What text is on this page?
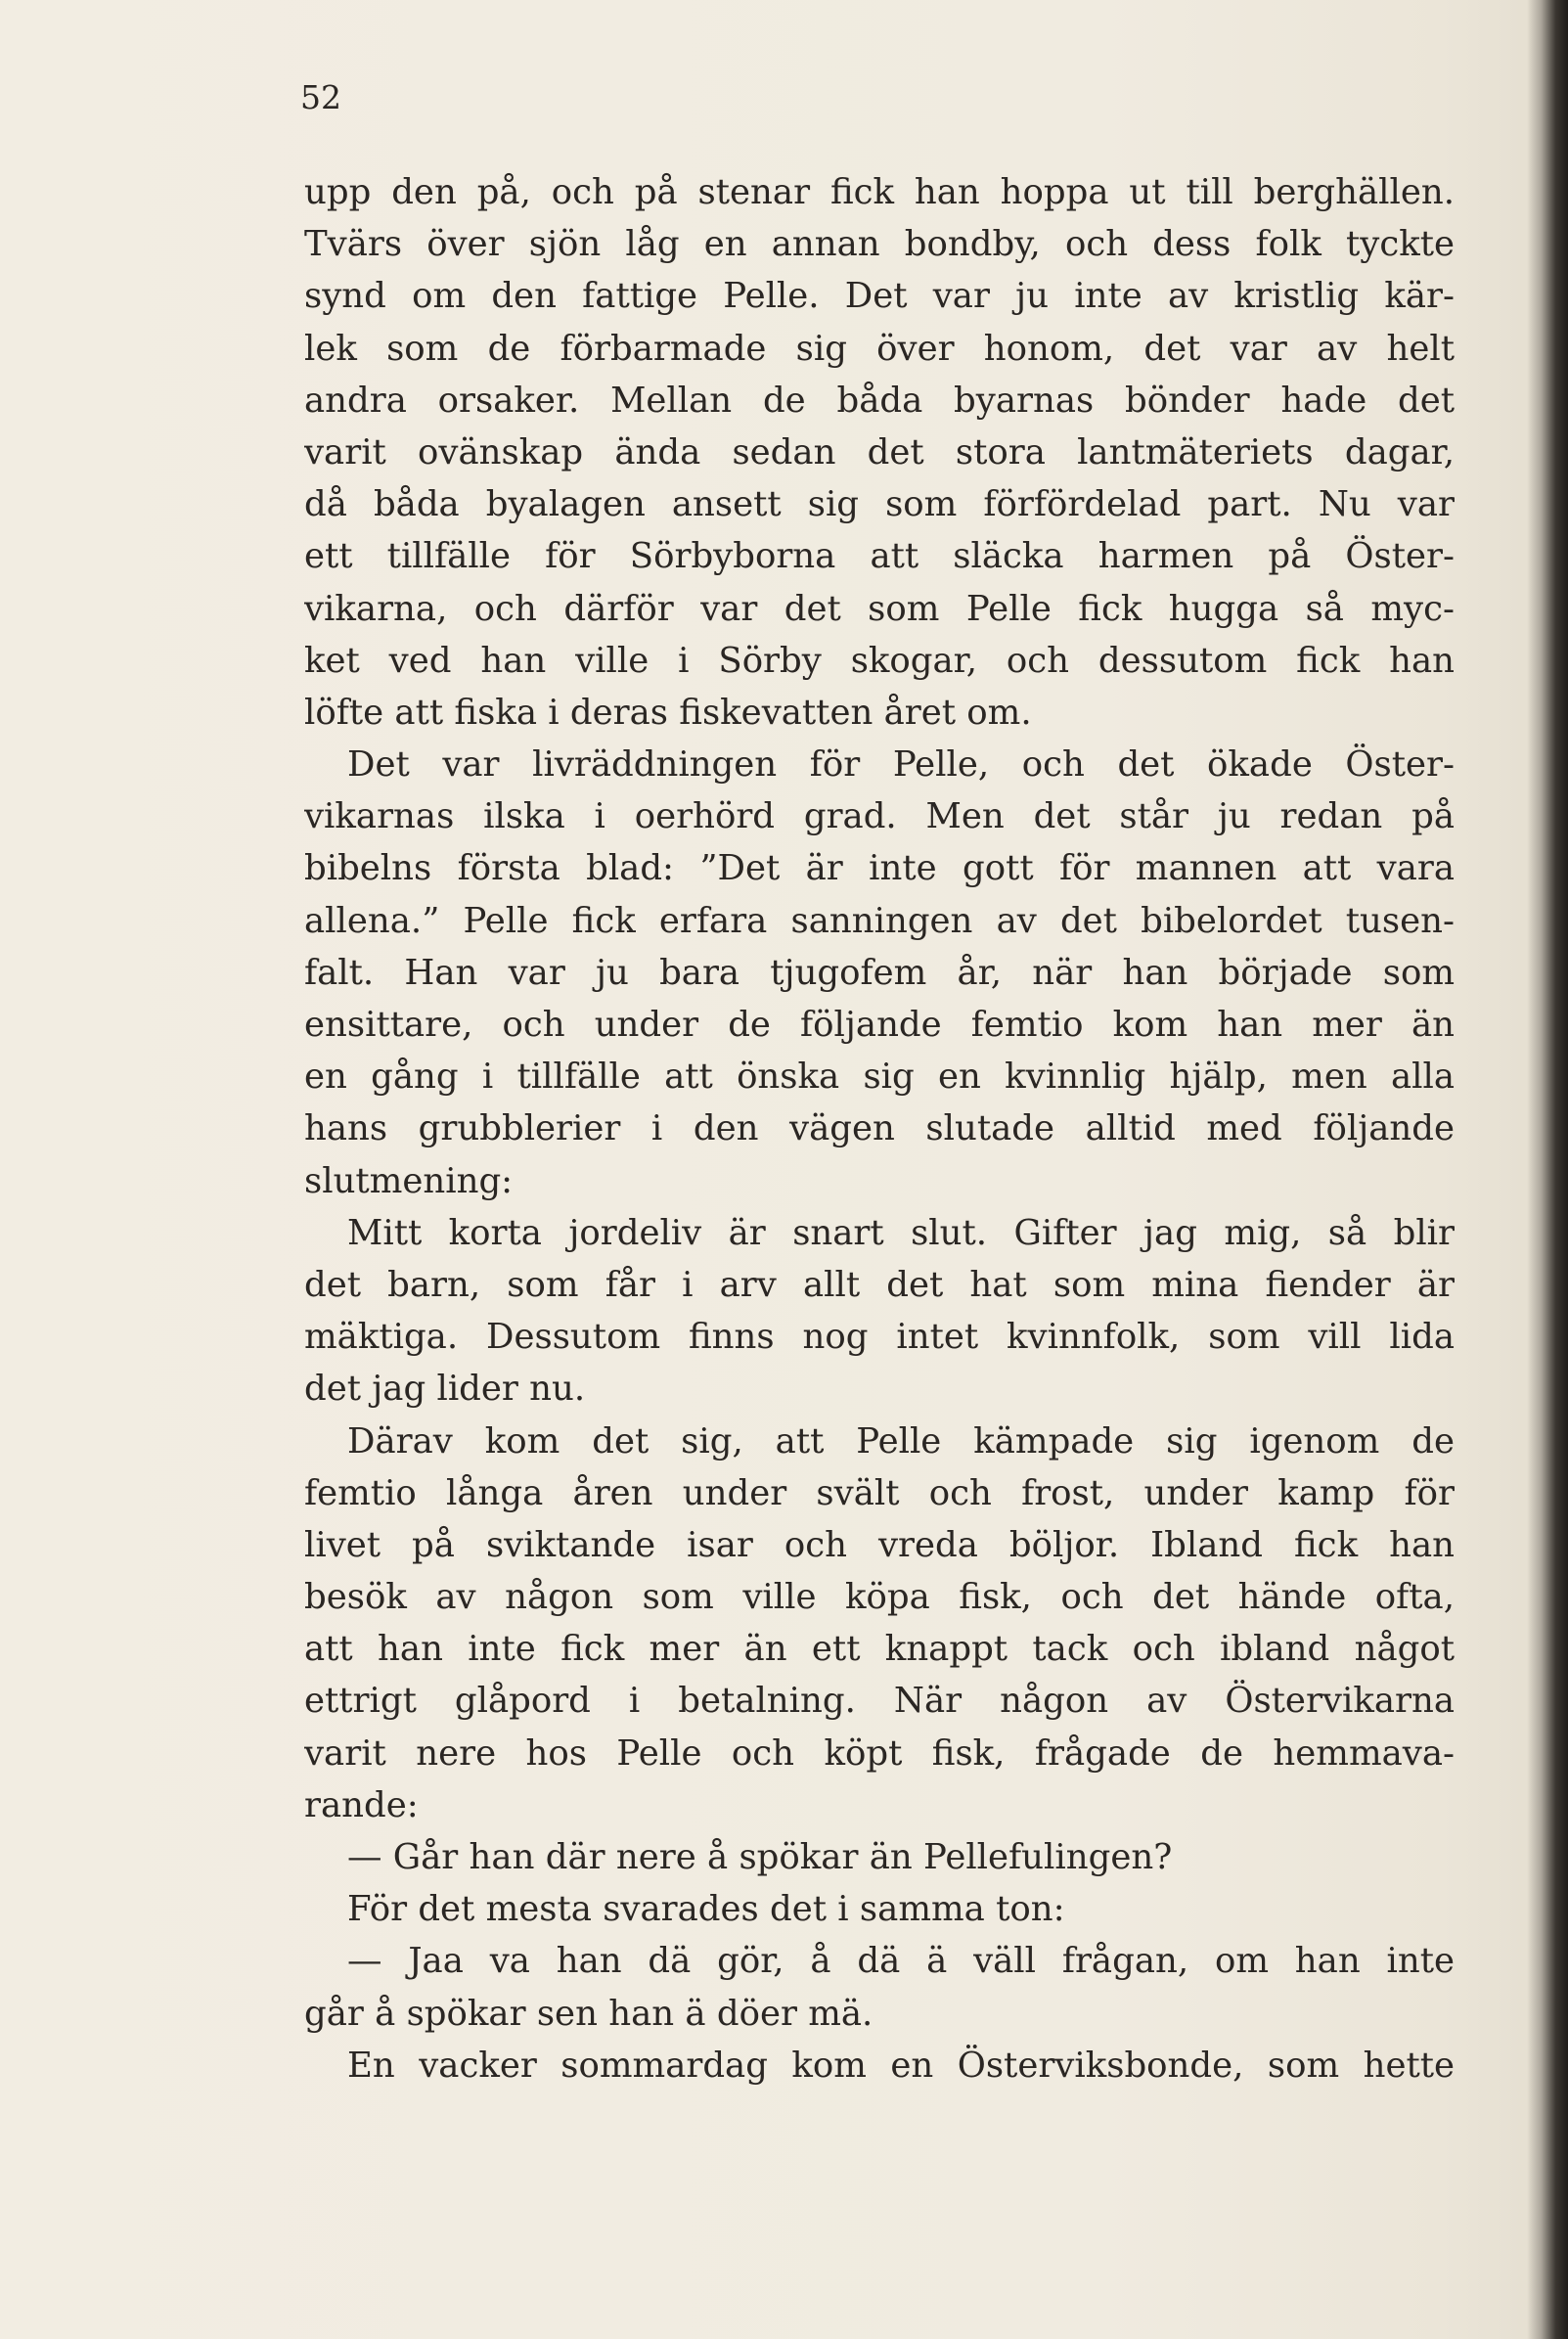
52
upp den på, och på stenar fick han hoppa ut till berghällen.
Tvärs över sjön låg en annan bondby, och dess folk tyckte
synd om den fattige Pelle. Det var ju inte av kristlig kär-
lek som de förbarmade sig över honom, det var av helt
andra orsaker. Mellan de båda byarnas bönder hade det
varit ovänskap ända sedan det stora lantmäteriets dagar,
då båda byalagen ansett sig som förfördelad part. Nu var
ett tillfälle för Sörbyborna att släcka harmen på Öster-
vikarna, och därför var det som Pelle fick hugga så myc-
ket ved han ville i Sörby skogar, och dessutom fick han
löfte att fiska i deras fiskevatten året om.
Det var livräddningen för Pelle, och det ökade Öster-
vikarnas ilska i oerhörd grad. Men det står ju redan på
bibelns första blad: ”Det är inte gott för mannen att vara
allena.” Pelle fick erfara sanningen av det bibelordet tusen-
falt. Han var ju bara tjugofem år, när han började som
ensittare, och under de följande femtio kom han mer än
en gång i tillfälle att önska sig en kvinnlig hjälp, men alla
hans grubblerier i den vägen slutade alltid med följande
slutmening:
Mitt korta jordeliv är snart slut. Gifter jag mig, så blir
det barn, som får i arv allt det hat som mina fiender är
mäktiga. Dessutom finns nog intet kvinnfolk, som vill lida
det jag lider nu.
Därav kom det sig, att Pelle kämpade sig igenom de
femtio långa åren under svält och frost, under kamp för
livet på sviktande isar och vreda böljor. Ibland fick han
besök av någon som ville köpa fisk, och det hände ofta,
att han inte fick mer än ett knappt tack och ibland något
ettrigt glåpord i betalning. När någon av Östervikarna
varit nere hos Pelle och köpt fisk, frågade de hemmava-
rande:
— Går han där nere å spökar än Pellefulingen?
För det mesta svarades det i samma ton:
— Jaa va han dä gör, å dä ä väll frågan, om han inte
går å spökar sen han ä döer mä.
En vacker sommardag kom en Österviksbonde, som hette
